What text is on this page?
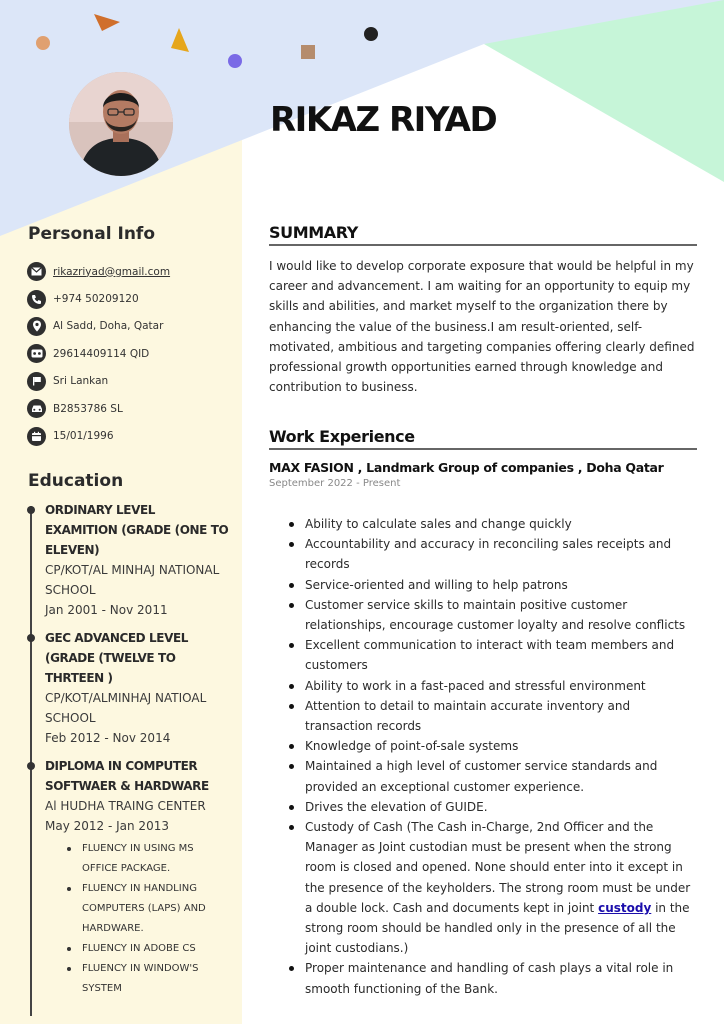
RIKAZ RIYAD
Personal Info
rikazriyad@gmail.com
+974 50209120
Al Sadd, Doha, Qatar
29614409114 QID
Sri Lankan
B2853786 SL
15/01/1996
Education
ORDINARY LEVEL EXAMITION (GRADE (ONE TO ELEVEN)
CP/KOT/AL MINHAJ NATIONAL SCHOOL
Jan 2001 - Nov 2011
GEC ADVANCED LEVEL (GRADE (TWELVE TO THRTEEN )
CP/KOT/ALMINHAJ NATIOAL SCHOOL
Feb 2012 - Nov 2014
DIPLOMA IN COMPUTER SOFTWAER & HARDWARE
Al HUDHA TRAING CENTER
May 2012 - Jan 2013
FLUENCY IN USING MS OFFICE PACKAGE.
FLUENCY IN HANDLING COMPUTERS (LAPS) AND HARDWARE.
FLUENCY IN ADOBE CS
FLUENCY IN WINDOW'S SYSTEM
SUMMARY

I would like to develop corporate exposure that would be helpful in my career and advancement. I am waiting for an opportunity to equip my skills and abilities, and market myself to the organization there by enhancing the value of the business.I am result-oriented, self-motivated, ambitious and targeting companies offering clearly defined professional growth opportunities earned through knowledge and contribution to business.

Work Experience

MAX FASION , Landmark Group of companies , Doha Qatar

September 2022 - Present

Ability to calculate sales and change quickly
Accountability and accuracy in reconciling sales receipts and records
Service-oriented and willing to help patrons
Customer service skills to maintain positive customer relationships, encourage customer loyalty and resolve conflicts
Excellent communication to interact with team members and customers
Ability to work in a fast-paced and stressful environment
Attention to detail to maintain accurate inventory and transaction records
Knowledge of point-of-sale systems
Maintained a high level of customer service standards and provided an exceptional customer experience.
Drives the elevation of GUIDE.
Custody of Cash (The Cash in-Charge, 2nd Officer and the Manager as Joint custodian must be present when the strong room is closed and opened. None should enter into it except in the presence of the keyholders. The strong room must be under a double lock. Cash and documents kept in joint custody in the strong room should be handled only in the presence of all the joint custodians.)
Proper maintenance and handling of cash plays a vital role in smooth functioning of the Bank.
